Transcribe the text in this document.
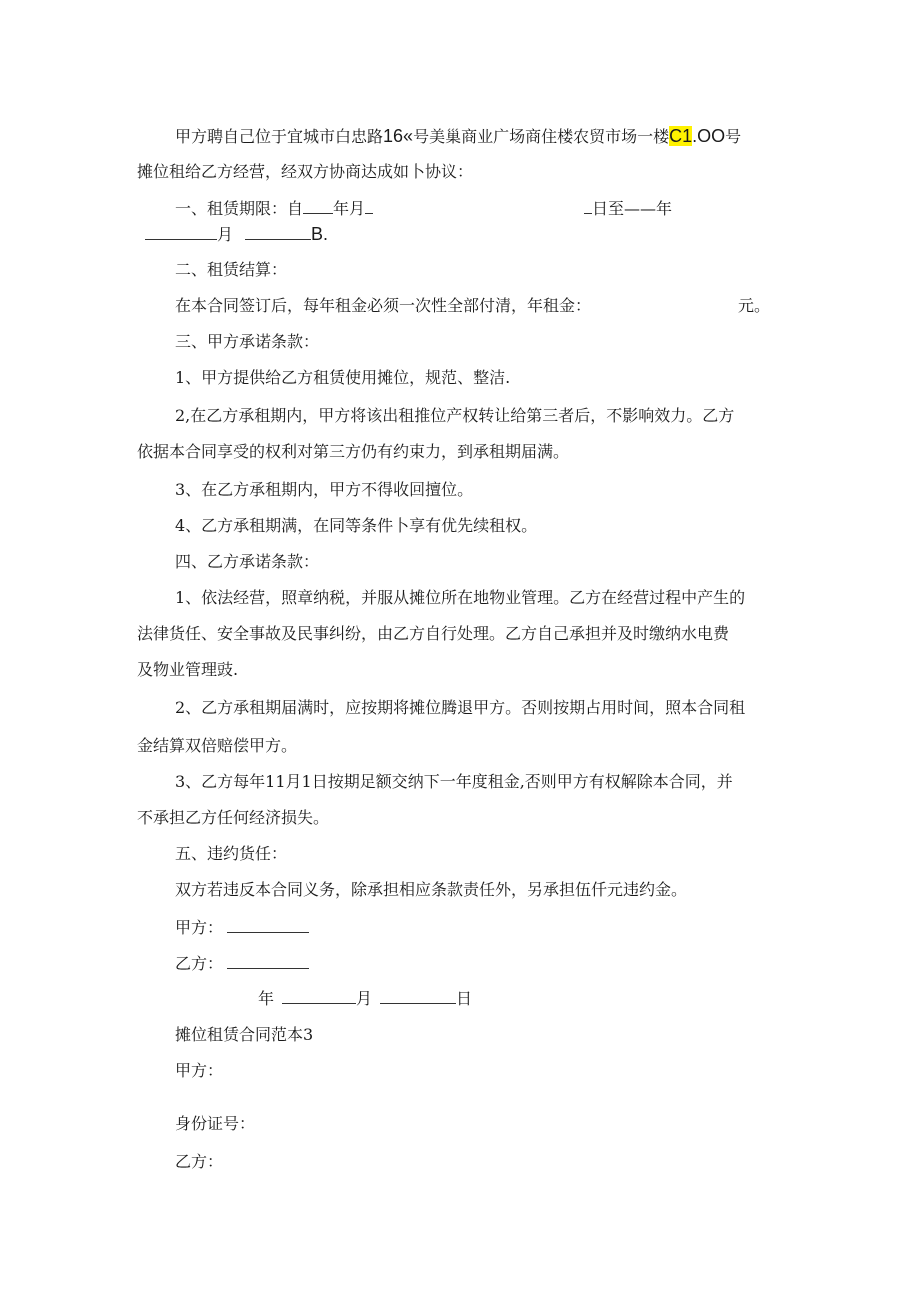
甲方聘自己位于宜城市白忠路16«号美巢商业广场商住楼农贸市场一楼C1.OO号
摊位租给乙方经营，经双方协商达成如卜协议：
一、租赁期限：自 年月	日至——年
月	B.
二、租赁结算：
在本合同签订后，每年租金必须一次性全部付清，年租金：	元。
三、甲方承诺条款：
1、甲方提供给乙方租赁使用摊位，规范、整洁.
2,在乙方承租期内，甲方将该出租推位产权转让给第三者后，不影响效力。乙方
依据本合同享受的权利对第三方仍有约束力，到承租期届满。
3、在乙方承租期内，甲方不得收回擅位。
4、乙方承租期满，在同等条件卜享有优先续租权。
四、乙方承诺条款：
1、依法经营，照章纳税，并服从摊位所在地物业管理。乙方在经营过程中产生的
法律货任、安全事故及民事纠纷，由乙方自行处理。乙方自己承担并及时缴纳水电费
及物业管理豉.
2、乙方承租期届满时，应按期将摊位腾退甲方。否则按期占用时间，照本合同租
金结算双倍赔偿甲方。
3、乙方每年11月1日按期足额交纳下一年度租金,否则甲方有权解除本合同，并
不承担乙方任何经济损失。
五、违约货任：
双方若违反本合同义务，除承担相应条款责任外，另承担伍仟元违约金。
甲方：
乙方：
年	月	日
摊位租赁合同范本3
甲方：
身份证号：
乙方：
